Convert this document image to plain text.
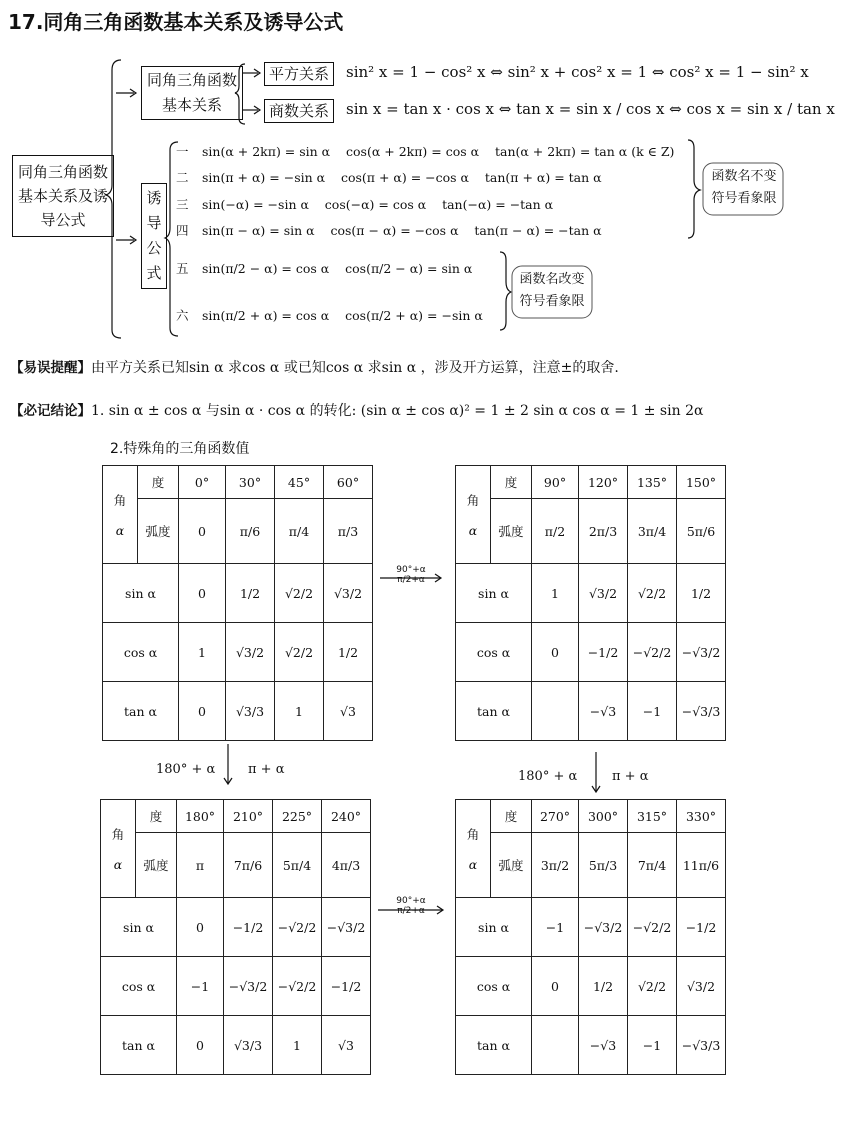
17.同角三角函数基本关系及诱导公式
同角三角函数基本关系及诱导公式
同角三角函数基本关系
平方关系	sin² x = 1 − cos² x ⇔ sin² x + cos² x = 1 ⇔ cos² x = 1 − sin² x
商数关系	sin x = tan x · cos x ⇔ tan x = sin x / cos x ⇔ cos x = sin x / tan x
诱导公式
一 sin(α + 2kπ) = sin α    cos(α + 2kπ) = cos α    tan(α + 2kπ) = tan α (k ∈ Z)
二 sin(π + α) = −sin α    cos(π + α) = −cos α    tan(π + α) = tan α
三 sin(−α) = −sin α    cos(−α) = cos α    tan(−α) = −tan α
四 sin(π − α) = sin α    cos(π − α) = −cos α    tan(π − α) = −tan α
五 sin(π/2 − α) = cos α    cos(π/2 − α) = sin α
六 sin(π/2 + α) = cos α    cos(π/2 + α) = −sin α
函数名不变
符号看象限
函数名改变
符号看象限
【易误提醒】由平方关系已知sin α 求cos α 或已知cos α 求sin α ，涉及开方运算，注意±的取舍.
【必记结论】1. sin α ± cos α 与sin α · cos α 的转化: (sin α ± cos α)² = 1 ± 2 sin α cos α = 1 ± sin 2α
2.特殊角的三角函数值
角
α	度	0°	30°	45°	60°
	弧度	0	π/6	π/4	π/3
sin α		0	1/2	√2/2	√3/2
cos α		1	√3/2	√2/2	1/2
tan α		0	√3/3	1	√3
角
α	度	90°	120°	135°	150°
	弧度	π/2	2π/3	3π/4	5π/6
sin α		1	√3/2	√2/2	1/2
cos α		0	−1/2	−√2/2	−√3/2
tan α			−√3	−1	−√3/3
角
α	度	180°	210°	225°	240°
	弧度	π	7π/6	5π/4	4π/3
sin α		0	−1/2	−√2/2	−√3/2
cos α		−1	−√3/2	−√2/2	−1/2
tan α		0	√3/3	1	√3
角
α	度	270°	300°	315°	330°
	弧度	3π/2	5π/3	7π/4	11π/6
sin α		−1	−√3/2	−√2/2	−1/2
cos α		0	1/2	√2/2	√3/2
tan α			−√3	−1	−√3/3
90°+α
π/2+α
90°+α
π/2+α
180° + α	π + α	180° + α	π + α
